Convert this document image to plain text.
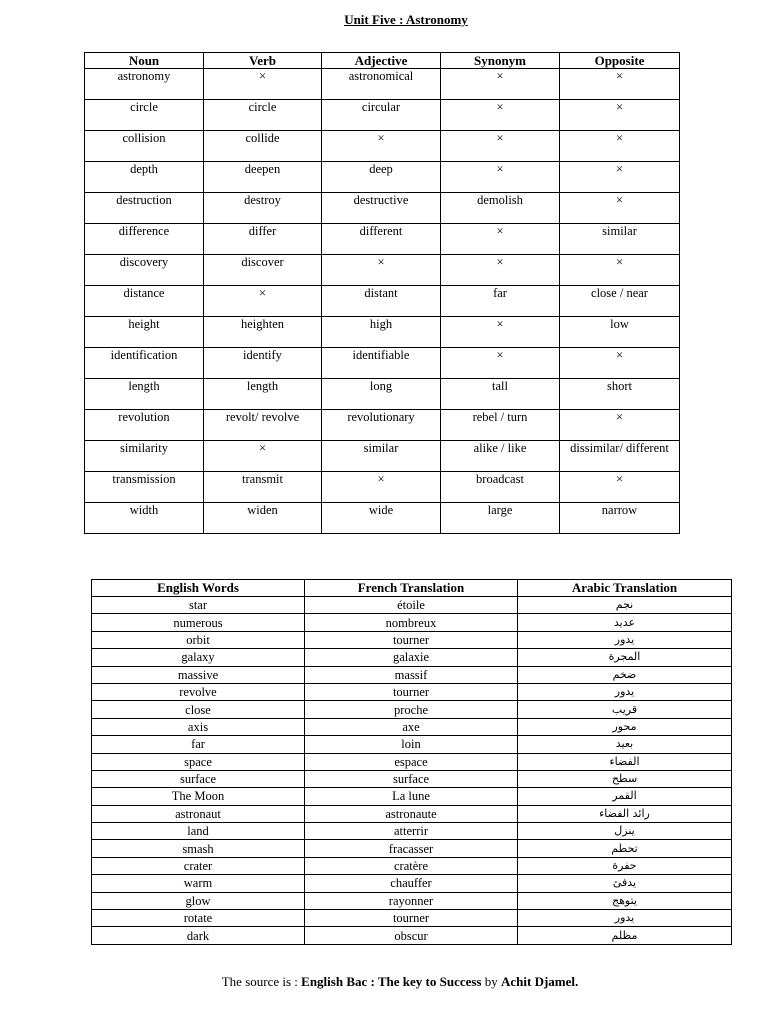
Unit Five : Astronomy
Noun	Verb	Adjective	Synonym	Opposite
astronomy	×	astronomical	×	×
circle	circle	circular	×	×
collision	collide	×	×	×
depth	deepen	deep	×	×
destruction	destroy	destructive	demolish	×
difference	differ	different	×	similar
discovery	discover	×	×	×
distance	×	distant	far	close / near
height	heighten	high	×	low
identification	identify	identifiable	×	×
length	length	long	tall	short
revolution	revolt/ revolve	revolutionary	rebel / turn	×
similarity	×	similar	alike / like	dissimilar/ different
transmission	transmit	×	broadcast	×
width	widen	wide	large	narrow
English Words	French Translation	Arabic Translation
star	étoile	نجم
numerous	nombreux	عديد
orbit	tourner	يدور
galaxy	galaxie	المجرة
massive	massif	ضخم
revolve	tourner	يدور
close	proche	قريب
axis	axe	محور
far	loin	بعيد
space	espace	الفضاء
surface	surface	سطح
The Moon	La lune	القمر
astronaut	astronaute	رائد الفضاء
land	atterrir	ينزل
smash	fracasser	تحطم
crater	cratère	حفرة
warm	chauffer	يدفئ
glow	rayonner	يتوهج
rotate	tourner	يدور
dark	obscur	مظلم
The source is : English Bac : The key to Success by Achit Djamel.
